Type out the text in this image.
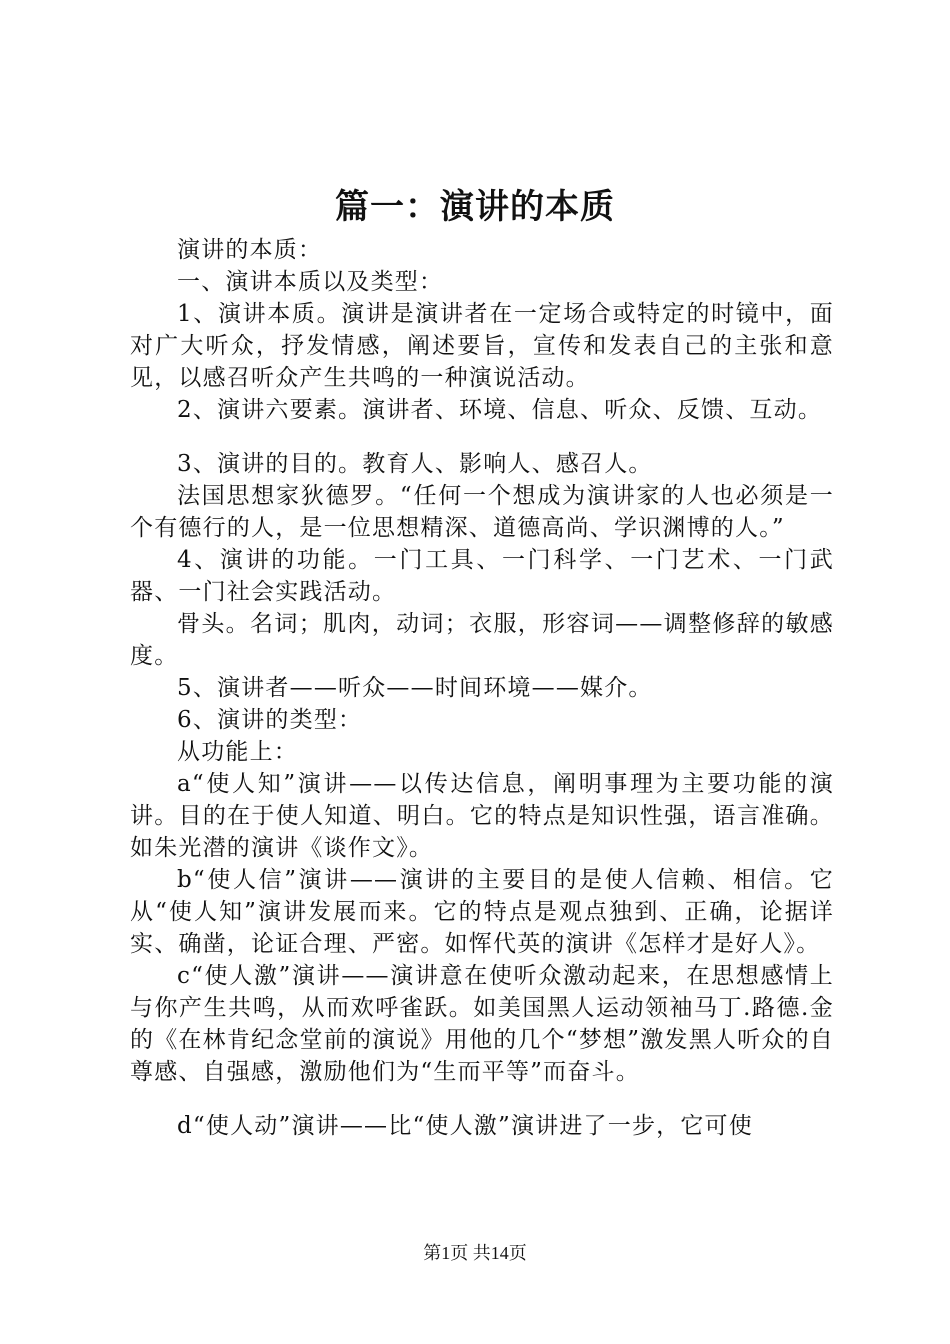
篇一：演讲的本质

演讲的本质：

一、演讲本质以及类型：

1、演讲本质。演讲是演讲者在一定场合或特定的时镜中，面对广大听众，抒发情感，阐述要旨，宣传和发表自己的主张和意见，以感召听众产生共鸣的一种演说活动。

2、演讲六要素。演讲者、环境、信息、听众、反馈、互动。

3、演讲的目的。教育人、影响人、感召人。

法国思想家狄德罗。“任何一个想成为演讲家的人也必须是一个有德行的人，是一位思想精深、道德高尚、学识渊博的人。”

4、演讲的功能。一门工具、一门科学、一门艺术、一门武器、一门社会实践活动。

骨头。名词；肌肉，动词；衣服，形容词——调整修辞的敏感度。

5、演讲者——听众——时间环境——媒介。

6、演讲的类型：

从功能上：

a“使人知”演讲——以传达信息，阐明事理为主要功能的演讲。目的在于使人知道、明白。它的特点是知识性强，语言准确。如朱光潜的演讲《谈作文》。

b“使人信”演讲——演讲的主要目的是使人信赖、相信。它从“使人知”演讲发展而来。它的特点是观点独到、正确，论据详实、确凿，论证合理、严密。如恽代英的演讲《怎样才是好人》。

c“使人激”演讲——演讲意在使听众激动起来，在思想感情上与你产生共鸣，从而欢呼雀跃。如美国黑人运动领袖马丁.路德.金的《在林肯纪念堂前的演说》用他的几个“梦想”激发黑人听众的自尊感、自强感，激励他们为“生而平等”而奋斗。

d“使人动”演讲——比“使人激”演讲进了一步，它可使

第1页 共14页
